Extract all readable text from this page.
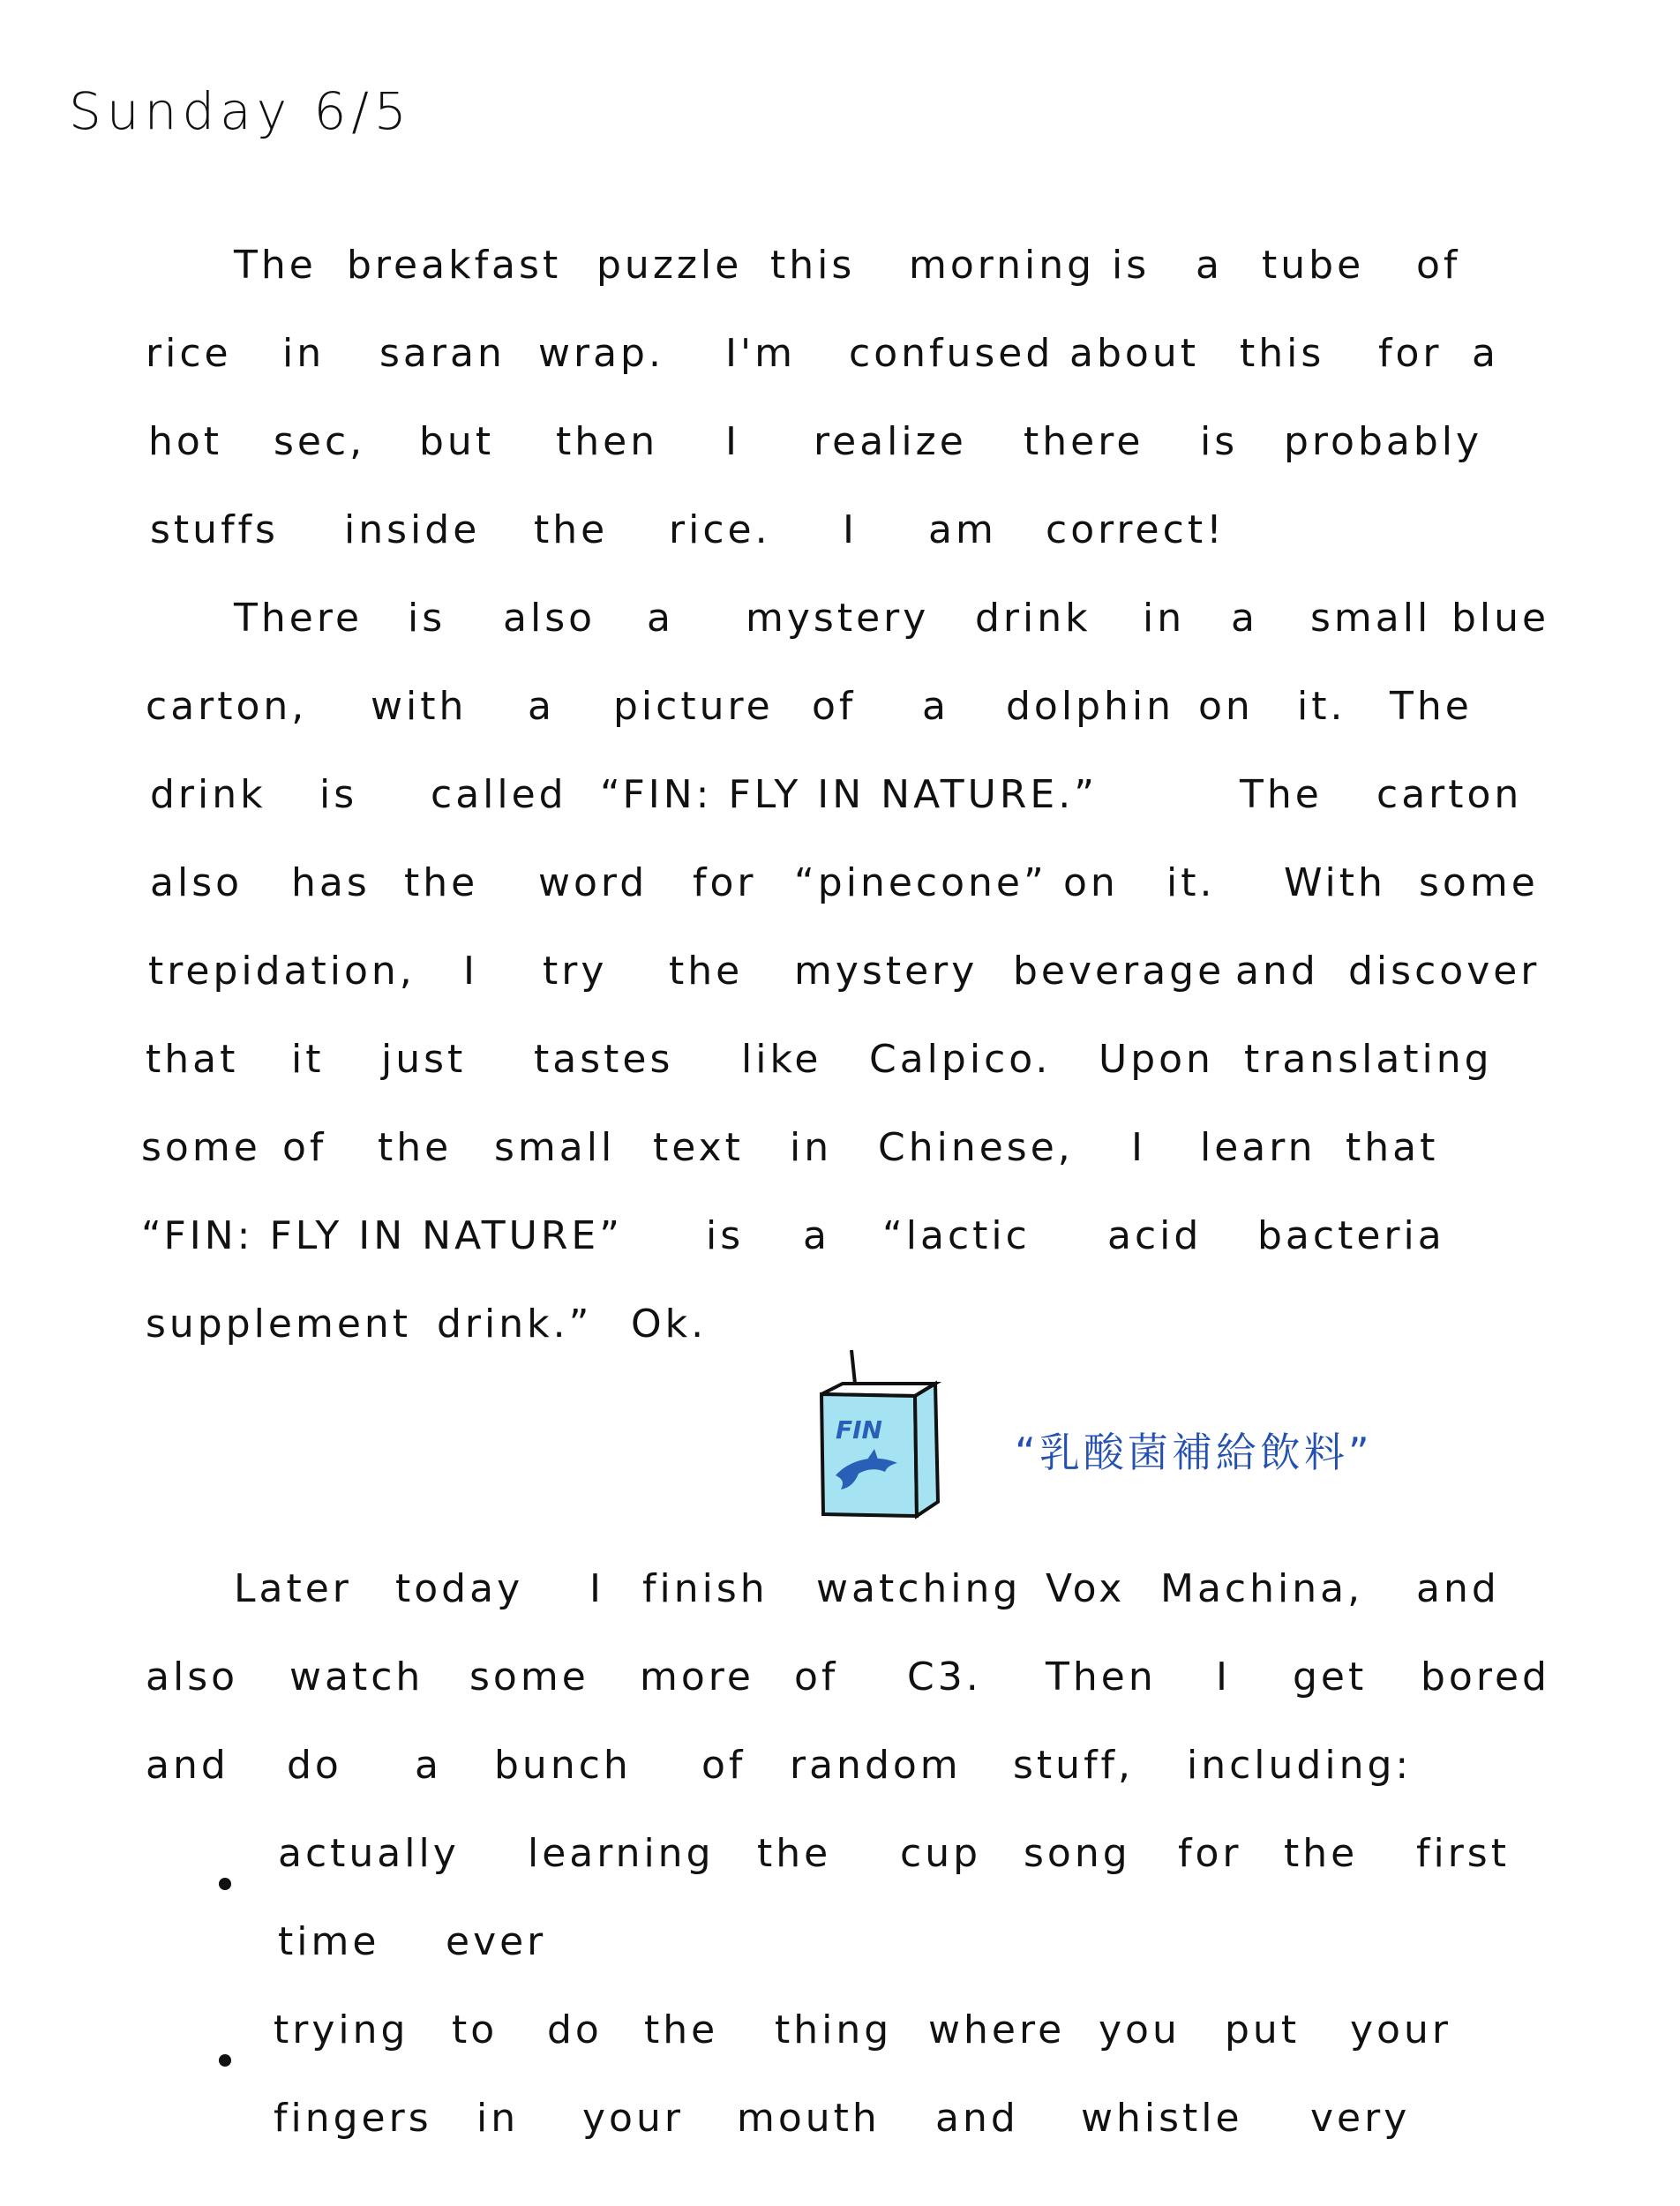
Sunday 6/5
The breakfast puzzle this morning is a tube of
rice in saran wrap. I'm confused about this for a
hot sec, but then I realize there is probably
stuffs inside the rice. I am correct!
There is also a mystery drink in a small blue
carton, with a picture of a dolphin on it. The
drink is called “FIN: FLY IN NATURE.”	The carton
also has the word for “pinecone” on it. With some
trepidation, I try the mystery beverage and discover
that it just tastes like Calpico. Upon translating
some of the small text in Chinese, I learn that
“FIN: FLY IN NATURE” is a “lactic acid bacteria
supplement drink.” Ok.
Later today I finish watching Vox Machina, and
also watch some more of C3. Then I get bored
and do a bunch of random stuff, including:
actually learning the cup song for the first
time ever
trying to do the thing where you put your
fingers in your mouth and whistle very
FIN	“乳酸菌補給飲料”
